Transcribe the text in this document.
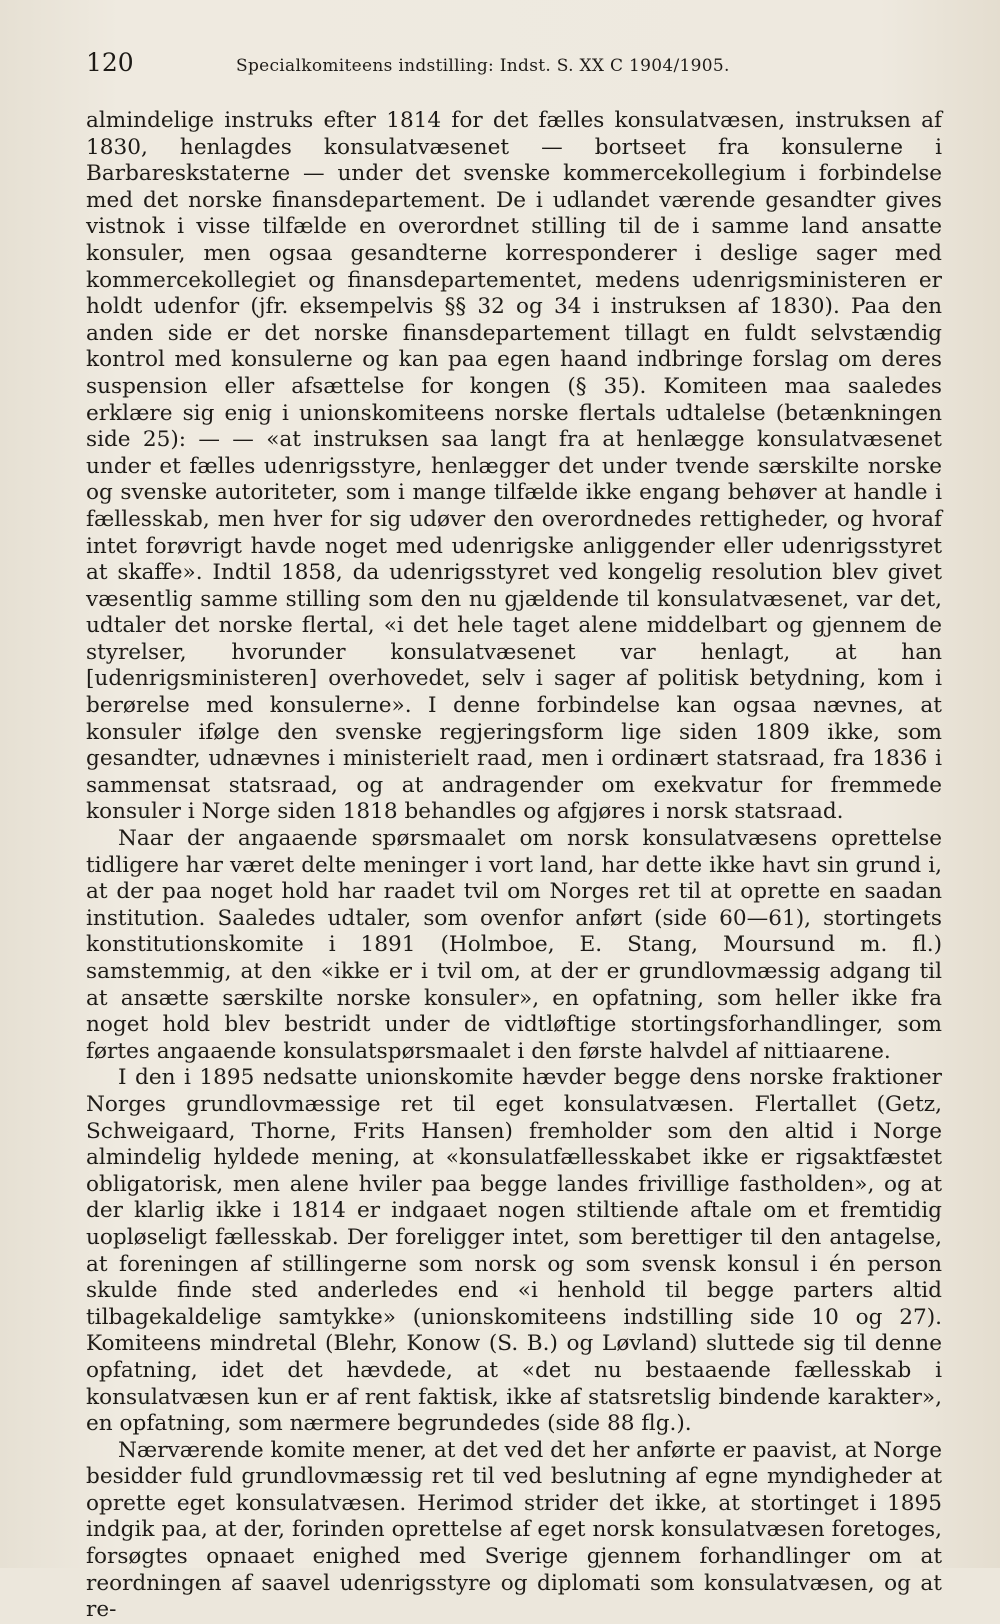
120	Specialkomiteens indstilling: Indst. S. XX C 1904/1905.

almindelige instruks efter 1814 for det fælles konsulatvæsen, instruksen af 1830, henlagdes konsulatvæsenet — bortseet fra konsulerne i Barbareskstaterne — under det svenske kommercekollegium i forbindelse med det norske finansdepartement. De i udlandet værende gesandter gives vistnok i visse tilfælde en overordnet stilling til de i samme land ansatte konsuler, men ogsaa gesandterne korresponderer i deslige sager med kommercekollegiet og finansdepartementet, medens udenrigsministeren er holdt udenfor (jfr. eksempelvis §§ 32 og 34 i instruksen af 1830). Paa den anden side er det norske finansdepartement tillagt en fuldt selvstændig kontrol med konsulerne og kan paa egen haand indbringe forslag om deres suspension eller afsættelse for kongen (§ 35). Komiteen maa saaledes erklære sig enig i unionskomiteens norske flertals udtalelse (betænkningen side 25): — — «at instruksen saa langt fra at henlægge konsulatvæsenet under et fælles udenrigsstyre, henlægger det under tvende særskilte norske og svenske autoriteter, som i mange tilfælde ikke engang behøver at handle i fællesskab, men hver for sig udøver den overordnedes rettigheder, og hvoraf intet forøvrigt havde noget med udenrigske anliggender eller udenrigsstyret at skaffe». Indtil 1858, da udenrigsstyret ved kongelig resolution blev givet væsentlig samme stilling som den nu gjældende til konsulatvæsenet, var det, udtaler det norske flertal, «i det hele taget alene middelbart og gjennem de styrelser, hvorunder konsulatvæsenet var henlagt, at han [udenrigsministeren] overhovedet, selv i sager af politisk betydning, kom i berørelse med konsulerne». I denne forbindelse kan ogsaa nævnes, at konsuler ifølge den svenske regjeringsform lige siden 1809 ikke, som gesandter, udnævnes i ministerielt raad, men i ordinært statsraad, fra 1836 i sammensat statsraad, og at andragender om exekvatur for fremmede konsuler i Norge siden 1818 behandles og afgjøres i norsk statsraad.

Naar der angaaende spørsmaalet om norsk konsulatvæsens oprettelse tidligere har været delte meninger i vort land, har dette ikke havt sin grund i, at der paa noget hold har raadet tvil om Norges ret til at oprette en saadan institution. Saaledes udtaler, som ovenfor anført (side 60—61), stortingets konstitutionskomite i 1891 (Holmboe, E. Stang, Moursund m. fl.) samstemmig, at den «ikke er i tvil om, at der er grundlovmæssig adgang til at ansætte særskilte norske konsuler», en opfatning, som heller ikke fra noget hold blev bestridt under de vidtløftige stortingsforhandlinger, som førtes angaaende konsulatspørsmaalet i den første halvdel af nittiaarene.

I den i 1895 nedsatte unionskomite hævder begge dens norske fraktioner Norges grundlovmæssige ret til eget konsulatvæsen. Flertallet (Getz, Schweigaard, Thorne, Frits Hansen) fremholder som den altid i Norge almindelig hyldede mening, at «konsulatfællesskabet ikke er rigsaktfæstet obligatorisk, men alene hviler paa begge landes frivillige fastholden», og at der klarlig ikke i 1814 er indgaaet nogen stiltiende aftale om et fremtidig uopløseligt fællesskab. Der foreligger intet, som berettiger til den antagelse, at foreningen af stillingerne som norsk og som svensk konsul i én person skulde finde sted anderledes end «i henhold til begge parters altid tilbagekaldelige samtykke» (unionskomiteens indstilling side 10 og 27). Komiteens mindretal (Blehr, Konow (S. B.) og Løvland) sluttede sig til denne opfatning, idet det hævdede, at «det nu bestaaende fællesskab i konsulatvæsen kun er af rent faktisk, ikke af statsretslig bindende karakter», en opfatning, som nærmere begrundedes (side 88 flg.).

Nærværende komite mener, at det ved det her anførte er paavist, at Norge besidder fuld grundlovmæssig ret til ved beslutning af egne myndigheder at oprette eget konsulatvæsen. Herimod strider det ikke, at stortinget i 1895 indgik paa, at der, forinden oprettelse af eget norsk konsulatvæsen foretoges, forsøgtes opnaaet enighed med Sverige gjennem forhandlinger om at reordningen af saavel udenrigsstyre og diplomati som konsulatvæsen, og at re-
